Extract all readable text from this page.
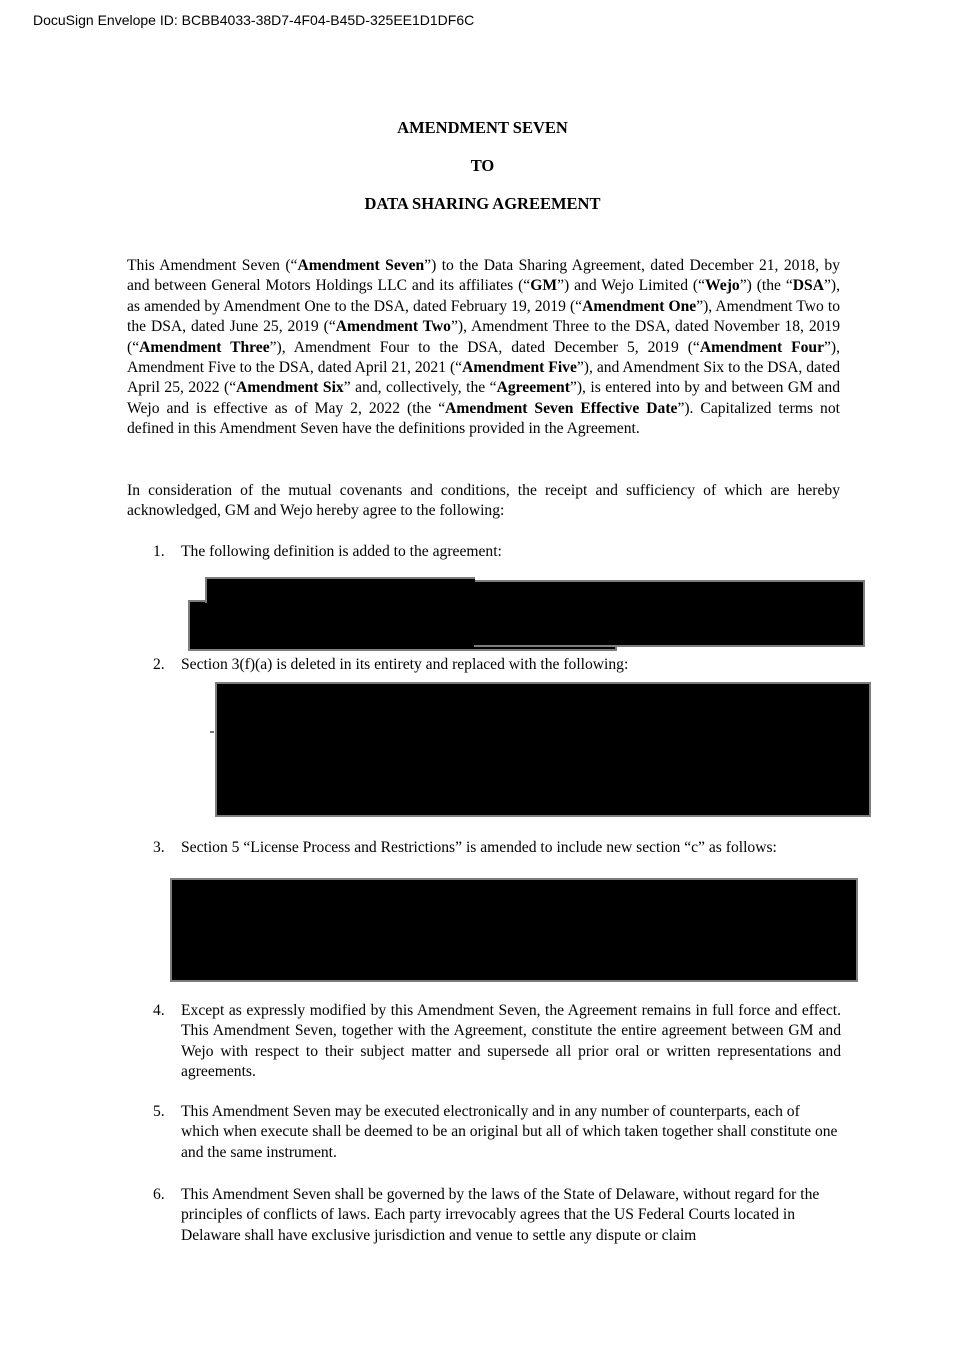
DocuSign Envelope ID: BCBB4033-38D7-4F04-B45D-325EE1D1DF6C
AMENDMENT SEVEN
TO
DATA SHARING AGREEMENT

This Amendment Seven (“Amendment Seven”) to the Data Sharing Agreement, dated December 21, 2018, by and between General Motors Holdings LLC and its affiliates (“GM”) and Wejo Limited (“Wejo”) (the “DSA”), as amended by Amendment One to the DSA, dated February 19, 2019 (“Amendment One”), Amendment Two to the DSA, dated June 25, 2019 (“Amendment Two”), Amendment Three to the DSA, dated November 18, 2019 (“Amendment Three”), Amendment Four to the DSA, dated December 5, 2019 (“Amendment Four”), Amendment Five to the DSA, dated April 21, 2021 (“Amendment Five”), and Amendment Six to the DSA, dated April 25, 2022 (“Amendment Six” and, collectively, the “Agreement”), is entered into by and between GM and Wejo and is effective as of May 2, 2022 (the “Amendment Seven Effective Date”). Capitalized terms not defined in this Amendment Seven have the definitions provided in the Agreement.

In consideration of the mutual covenants and conditions, the receipt and sufficiency of which are hereby acknowledged, GM and Wejo hereby agree to the following:

1. The following definition is added to the agreement:
2. Section 3(f)(a) is deleted in its entirety and replaced with the following:
3. Section 5 “License Process and Restrictions” is amended to include new section “c” as follows:
4. Except as expressly modified by this Amendment Seven, the Agreement remains in full force and effect. This Amendment Seven, together with the Agreement, constitute the entire agreement between GM and Wejo with respect to their subject matter and supersede all prior oral or written representations and agreements.
5. This Amendment Seven may be executed electronically and in any number of counterparts, each of which when execute shall be deemed to be an original but all of which taken together shall constitute one and the same instrument.
6. This Amendment Seven shall be governed by the laws of the State of Delaware, without regard for the principles of conflicts of laws. Each party irrevocably agrees that the US Federal Courts located in Delaware shall have exclusive jurisdiction and venue to settle any dispute or claim
